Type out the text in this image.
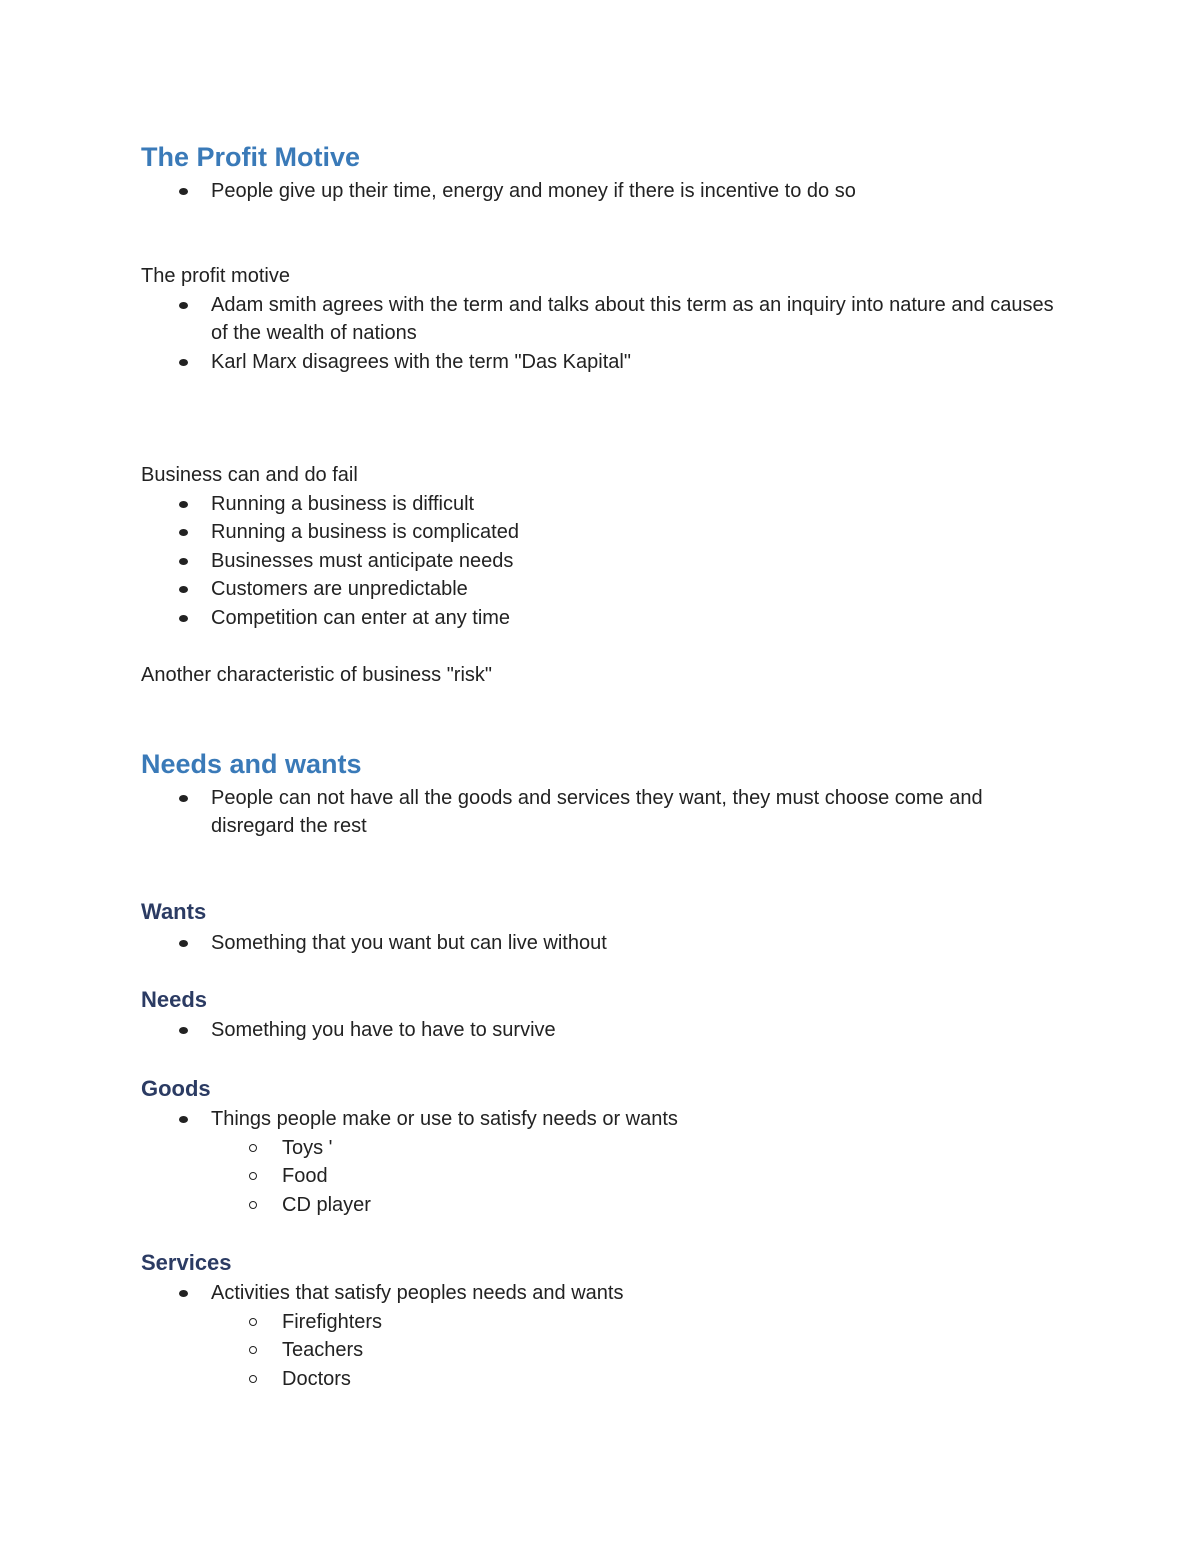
The Profit Motive
People give up their time, energy and money if there is incentive to do so

The profit motive

Adam smith agrees with the term and talks about this term as an inquiry into nature and causes of the wealth of nations
Karl Marx disagrees with the term "Das Kapital"

Business can and do fail

Running a business is difficult
Running a business is complicated
Businesses must anticipate needs
Customers are unpredictable
Competition can enter at any time

Another characteristic of business "risk"

Needs and wants
People can not have all the goods and services they want, they must choose come and disregard the rest
Wants
Something that you want but can live without
Needs
Something you have to have to survive
Goods
Things people make or use to satisfy needs or wants
Toys '
Food
CD player
Services
Activities that satisfy peoples needs and wants
Firefighters
Teachers
Doctors
